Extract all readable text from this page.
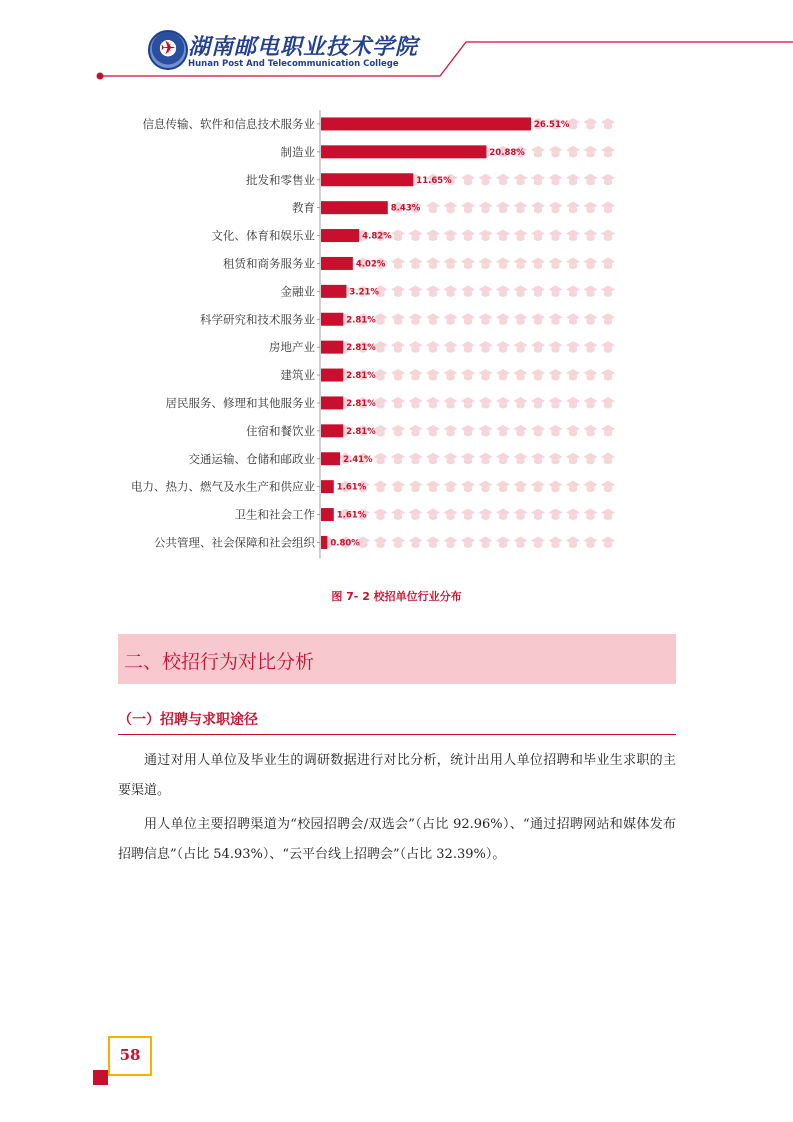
✈ 湖南邮电职业技术学院
Hunan Post And Telecommunication College
信息传输、软件和信息技术服务业	26.51%
制造业	20.88%
批发和零售业	11.65%
教育	8.43%
文化、体育和娱乐业	4.82%
租赁和商务服务业	4.02%
金融业	3.21%
科学研究和技术服务业	2.81%
房地产业	2.81%
建筑业	2.81%
居民服务、修理和其他服务业	2.81%
住宿和餐饮业	2.81%
交通运输、仓储和邮政业	2.41%
电力、热力、燃气及水生产和供应业	1.61%
卫生和社会工作	1.61%
公共管理、社会保障和社会组织 0.80%
图 7- 2 校招单位行业分布
二、校招行为对比分析
（一）招聘与求职途径
通过对用人单位及毕业生的调研数据进行对比分析，统计出用人单位招聘和毕业生求职的主要渠道。
用人单位主要招聘渠道为“校园招聘会/双选会”（占比 92.96%）、“通过招聘网站和媒体发布招聘信息”（占比 54.93%）、“云平台线上招聘会”（占比 32.39%）。
58
